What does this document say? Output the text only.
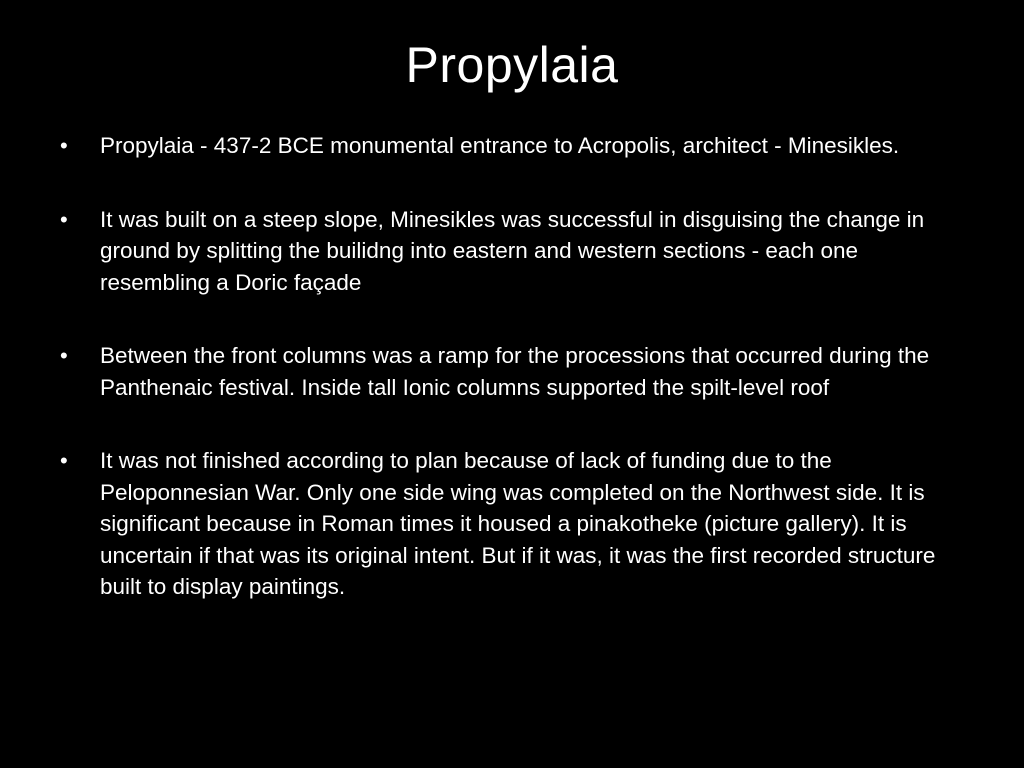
Propylaia
• Propylaia - 437-2 BCE monumental entrance to Acropolis, architect - Minesikles.
• It was built on a steep slope, Minesikles was successful in disguising the change in ground by splitting the builidng into eastern and western sections - each one resembling a Doric façade
• Between the front columns was a ramp for the processions that occurred during the Panthenaic festival. Inside tall Ionic columns supported the spilt-level roof
• It was not finished according to plan because of lack of funding due to the Peloponnesian War. Only one side wing was completed on the Northwest side. It is significant because in Roman times it housed a pinakotheke (picture gallery). It is uncertain if that was its original intent. But if it was, it was the first recorded structure built to display paintings.
